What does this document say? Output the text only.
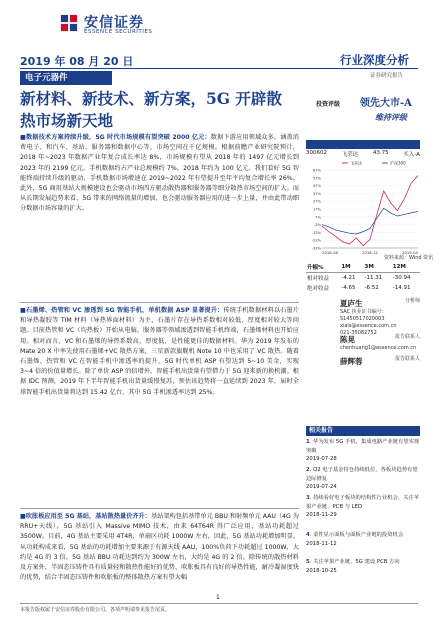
安信证券
ESSENCE SECURITIES
2019 年 08 月 20 日	行业深度分析
电子元器件	证券研究报告
新材料、新技术、新方案，5G 开辟散
热市场新天地
投资评级 领先大市-A
维持评级
■数据技术方案持续升级，5G 时代市场规模有望突破 2000 亿元：数据下游应用领域众多，涵盖消费电子、和汽车、基站、服务器和数据中心等，市场空间在千亿规模。根据前瞻产业研究院预计，2018 年~2023 年数据产业年复合成长率达 8%，市场规模有望从 2018 年的 1497 亿元增长到 2023 年的 2199 亿元。手机数据约占产业总规模约 7%，2018 年约为 100 亿元。我们看好 5G 智能终端持续升级的驱动，手机数据市场增速在 2019~2022 年有望提升至年平均复合增长率 26%。此外，5G 商用基站大规模建设也会驱动市场四方驱动散热器和服务器等细分散热市场空间的扩大。而从长期发展趋势来看，5G 带来的网络流量的增加，也会驱动服务器应用的进一步上量，并由此带动细分数据市场容量的扩大。
■石墨烯、热管和 VC 渗透到 5G 智能手机，单机数据 ASP 显著提升：传统手机数据材料以石墨片和导热凝胶等 TIM 材料（导热界面材料）为主，石墨片存在导热系数相对较低、厚度相对较大等问题。目前热管和 VC（均热板）开始从电脑、服务器等领域渗透到智能手机终端，石墨烯材料也开始应用。相对而言，VC 和石墨烯的导热系数高、厚度低，是性能更佳的数据材料。华为 2019 年发布的 Mate 20 X 中率先使用石墨烯+VC 散热方案，三星新款旗舰机 Note 10 中也采用了 VC 散热。随着石墨烯、热管和 VC 在智能手机中渗透率的提升，5G 时代单机 ASP 有望达到 5~10 美金，实现 3~4 倍的价值量增长。除了单价 ASP 的倍增外，智能手机出货量有望借力于 5G 迎来新的换机潮。根据 IDC 预测，2019 年下半年智能手机出货量缓慢复苏，预估该趋势将一直延续到 2023 年，届时全球智能手机出货量将达到 15.42 亿台，其中 5G 手机渗透率达到 25%。
■吹胀板应用至 5G 基站，基站散热量价齐升：基站架构包括基带单元 BBU 和射频单元 AAU（4G 为 RRU+天线），5G 基站引入 Massive MIMO 技术，由来 64T64R 得广泛应用，基站功耗超过 3500W。目前，4G 基站主要采用 4T4R，单扇区功耗 1000W 左右，因此，5G 基站功耗增加明显。从功耗构成来看，5G 基站的功耗增加主要来源于有源天线 AAU，100%负荷下功耗超过 1000W，大约是 4G 的 3 倍，5G 基站 BBU 功耗达到约为 300W 左右，大约是 4G 的 2 倍。除传统的散热材料及方案外，半固态压铸件具有质量轻和散热性能好的优势，吹胀板具有良好的导热性能，耐冷凝湿度快的优势，结合半固态压铸件和吹胀板的整体散热方案有望大幅
300602	飞荣达	43.75	买入-A
67%
57%
47%
37%
27%
17%
7%
-3%
-13%
-23%
-33%
2018-08	2018-12	2019-04
飞荣达	沪深300
资料来源：Wind 资讯
升幅%	1M	3M	12M
相对收益	-4.21	-11.31	-30.94
绝对收益	-4.65	-6.52	-14.91
夏庐生	分析师
SAC 执业证书编号：S1450517020003
xials@essence.com.cn
021-35082752
陈晃	报告联系人
chenhuang1@essence.com.cn
薛辉蓉	报告联系人
相关报告
1. 华为发布 5G 手机，集成电路产业链有望实现突破
2019-07-28
2. Q2 电子基金持仓持续低位，各板块趋势有望边际修复
2019-07-24
3. 持续看好电子板块的结构性行业机会，关注苹果产业链、PCB 与 LED
2018-11-29
4. 柔性显示面板与面板产业链的投资机会
2018-11-12
5. 关注苹果产业链、5G 建设 PCB 方向
2018-10-25
1
本报告版权属于安信证券股份有限公司。各项声明请参见报告尾页。
